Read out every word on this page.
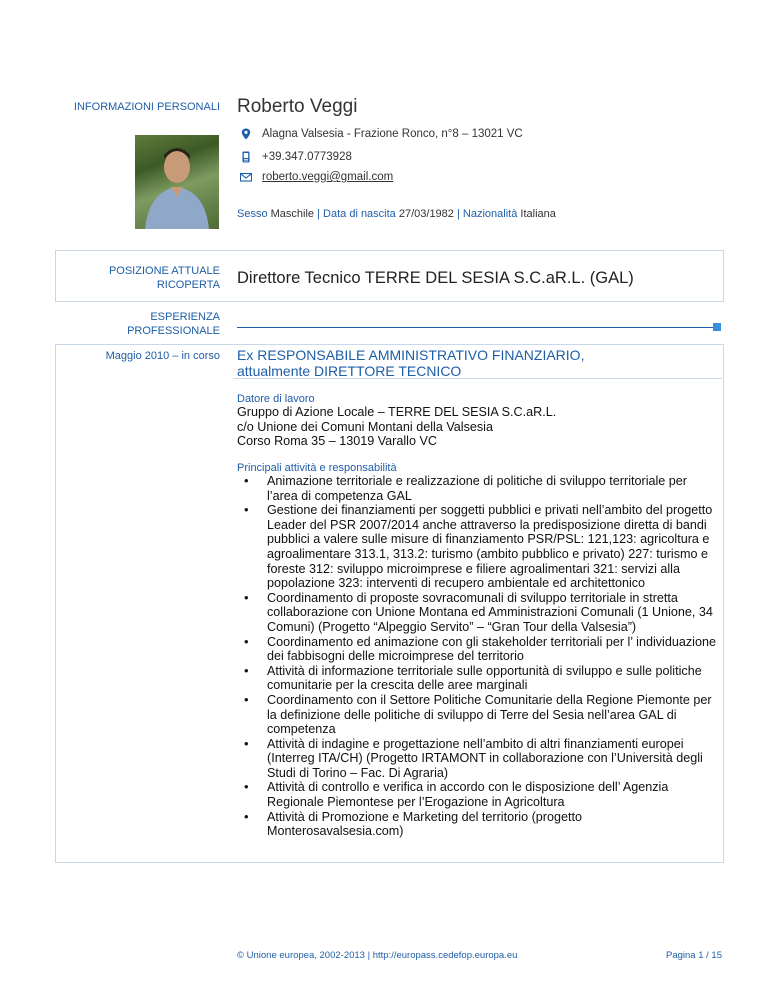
INFORMAZIONI PERSONALI Roberto Veggi
Alagna Valsesia - Frazione Ronco, n°8 – 13021 VC
+39.347.0773928
roberto.veggi@gmail.com
Sesso Maschile | Data di nascita 27/03/1982 | Nazionalità Italiana
POSIZIONE ATTUALE
RICOPERTA Direttore Tecnico TERRE DEL SESIA S.C.aR.L. (GAL)
ESPERIENZA
PROFESSIONALE
Maggio 2010 – in corso Ex RESPONSABILE AMMINISTRATIVO FINANZIARIO,
attualmente DIRETTORE TECNICO
Datore di lavoro
Gruppo di Azione Locale – TERRE DEL SESIA S.C.aR.L.
c/o Unione dei Comuni Montani della Valsesia
Corso Roma 35 – 13019 Varallo VC
Principali attività e responsabilità
• Animazione territoriale e realizzazione di politiche di sviluppo territoriale per l’area di competenza GAL
• Gestione dei finanziamenti per soggetti pubblici e privati nell’ambito del progetto Leader del PSR 2007/2014 anche attraverso la predisposizione diretta di bandi pubblici a valere sulle misure di finanziamento PSR/PSL: 121,123: agricoltura e agroalimentare 313.1, 313.2: turismo (ambito pubblico e privato) 227: turismo e foreste 312: sviluppo microimprese e filiere agroalimentari 321: servizi alla popolazione 323: interventi di recupero ambientale ed architettonico
• Coordinamento di proposte sovracomunali di sviluppo territoriale in stretta collaborazione con Unione Montana ed Amministrazioni Comunali (1 Unione, 34 Comuni) (Progetto “Alpeggio Servito” – “Gran Tour della Valsesia”)
• Coordinamento ed animazione con gli stakeholder territoriali per l’ individuazione dei fabbisogni delle microimprese del territorio
• Attività di informazione territoriale sulle opportunità di sviluppo e sulle politiche comunitarie per la crescita delle aree marginali
• Coordinamento con il Settore Politiche Comunitarie della Regione Piemonte per la definizione delle politiche di sviluppo di Terre del Sesia nell’area GAL di competenza
• Attività di indagine e progettazione nell’ambito di altri finanziamenti europei (Interreg ITA/CH) (Progetto IRTAMONT in collaborazione con l’Università degli Studi di Torino – Fac. Di Agraria)
• Attività di controllo e verifica in accordo con le disposizione dell’ Agenzia Regionale Piemontese per l’Erogazione in Agricoltura
• Attività di Promozione e Marketing del territorio (progetto Monterosavalsesia.com)
© Unione europea, 2002-2013 | http://europass.cedefop.europa.eu	Pagina 1 / 15
